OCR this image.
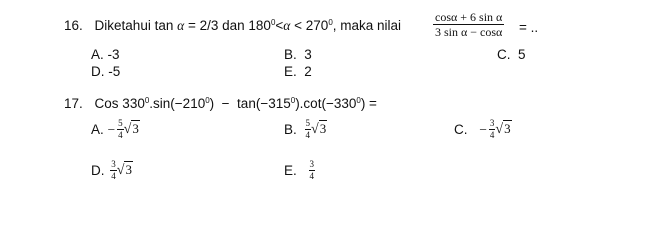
16. Diketahui tan α = 2/3 dan $180^0<\alpha < 270^0$, maka nilai	$\frac{\text{cosα + 6 sin α}}{\text{3 sin α − cosα}}$ = ..
A. -3	B. 3	C. 5
D. -5	E. 2
17. Cos $330^0.\sin(-210^0) - \tan(-315^0).\cot(-330^0)$ =
A. − $\frac{5}{4} √3$	B. $\frac{5}{4} √3$	C. − $\frac{3}{4} √3$
D. $\frac{3}{4} √3$	E. $\frac{3}{4}$
